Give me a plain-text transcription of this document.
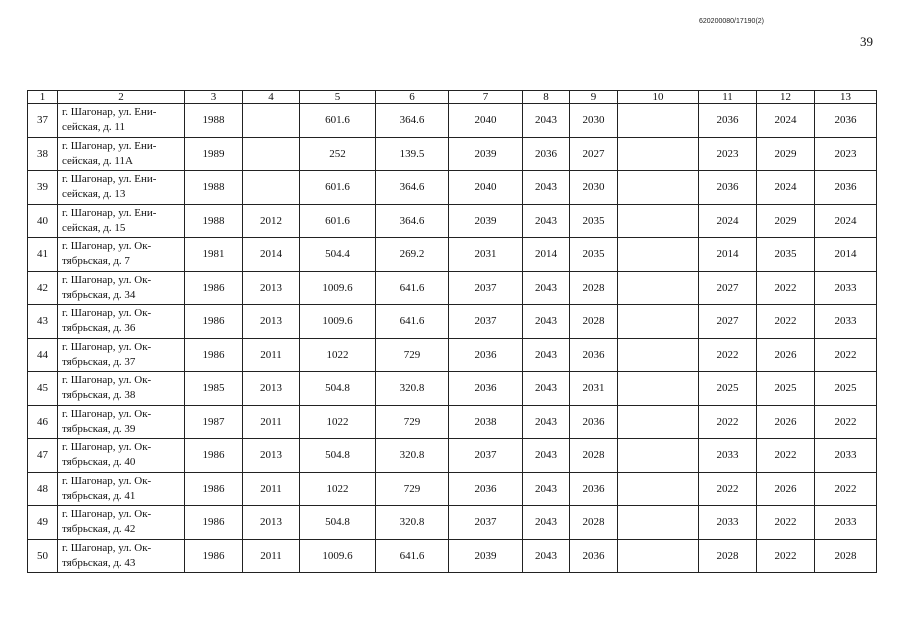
620200080/17190(2)
39
1	2	3	4	5	6	7	8	9	10	11	12	13
37	г. Шагонар, ул. Ени-
сейская, д. 11	1988		601.6	364.6	2040	2043	2030		2036	2024	2036
38	г. Шагонар, ул. Ени-
сейская, д. 11А	1989		252	139.5	2039	2036	2027		2023	2029	2023
39	г. Шагонар, ул. Ени-
сейская, д. 13	1988		601.6	364.6	2040	2043	2030		2036	2024	2036
40	г. Шагонар, ул. Ени-
сейская, д. 15	1988	2012	601.6	364.6	2039	2043	2035		2024	2029	2024
41	г. Шагонар, ул. Ок-
тябрьская, д. 7	1981	2014	504.4	269.2	2031	2014	2035		2014	2035	2014
42	г. Шагонар, ул. Ок-
тябрьская, д. 34	1986	2013	1009.6	641.6	2037	2043	2028		2027	2022	2033
43	г. Шагонар, ул. Ок-
тябрьская, д. 36	1986	2013	1009.6	641.6	2037	2043	2028		2027	2022	2033
44	г. Шагонар, ул. Ок-
тябрьская, д. 37	1986	2011	1022	729	2036	2043	2036		2022	2026	2022
45	г. Шагонар, ул. Ок-
тябрьская, д. 38	1985	2013	504.8	320.8	2036	2043	2031		2025	2025	2025
46	г. Шагонар, ул. Ок-
тябрьская, д. 39	1987	2011	1022	729	2038	2043	2036		2022	2026	2022
47	г. Шагонар, ул. Ок-
тябрьская, д. 40	1986	2013	504.8	320.8	2037	2043	2028		2033	2022	2033
48	г. Шагонар, ул. Ок-
тябрьская, д. 41	1986	2011	1022	729	2036	2043	2036		2022	2026	2022
49	г. Шагонар, ул. Ок-
тябрьская, д. 42	1986	2013	504.8	320.8	2037	2043	2028		2033	2022	2033
50	г. Шагонар, ул. Ок-
тябрьская, д. 43	1986	2011	1009.6	641.6	2039	2043	2036		2028	2022	2028
